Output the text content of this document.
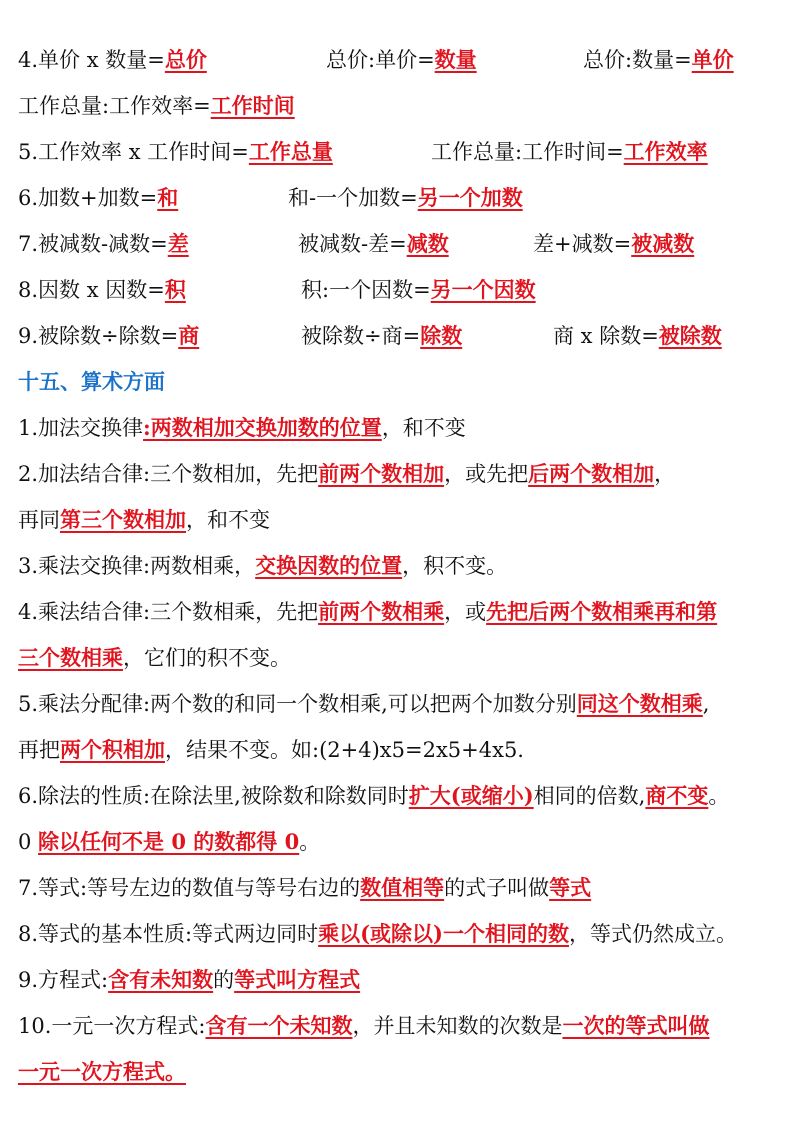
4.单价 x 数量=总价	总价:单价=数量	总价:数量=单价
工作总量:工作效率=工作时间
5.工作效率 x 工作时间=工作总量	工作总量:工作时间=工作效率
6.加数+加数=和	和-一个加数=另一个加数
7.被减数-减数=差	被减数-差=减数	差+减数=被减数
8.因数 x 因数=积	积:一个因数=另一个因数
9.被除数÷除数=商	被除数÷商=除数	商 x 除数=被除数
十五、算术方面
1.加法交换律:两数相加交换加数的位置，和不变
2.加法结合律:三个数相加，先把前两个数相加，或先把后两个数相加，
再同第三个数相加，和不变
3.乘法交换律:两数相乘，交换因数的位置，积不变。
4.乘法结合律:三个数相乘，先把前两个数相乘，或先把后两个数相乘再和第
三个数相乘，它们的积不变。
5.乘法分配律:两个数的和同一个数相乘,可以把两个加数分别同这个数相乘,
再把两个积相加，结果不变。如:(2+4)x5=2x5+4x5.
6.除法的性质:在除法里,被除数和除数同时扩大(或缩小)相同的倍数,商不变。
0 除以任何不是 0 的数都得 0。
7.等式:等号左边的数值与等号右边的数值相等的式子叫做等式
8.等式的基本性质:等式两边同时乘以(或除以)一个相同的数，等式仍然成立。
9.方程式:含有未知数的等式叫方程式
10.一元一次方程式:含有一个未知数，并且未知数的次数是一次的等式叫做
一元一次方程式。
